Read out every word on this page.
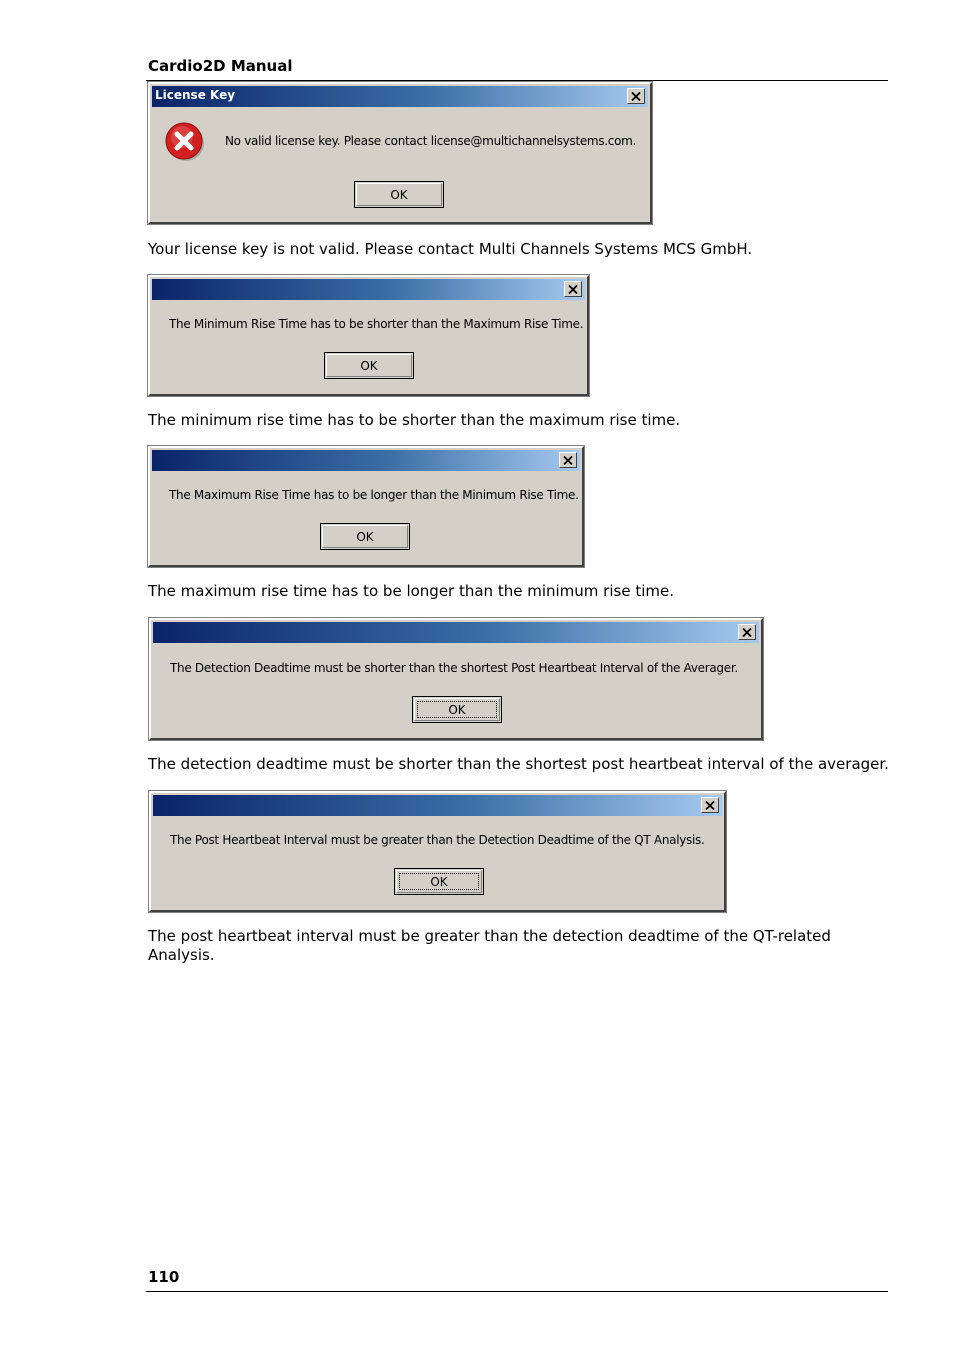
Cardio2D Manual
License Key
No valid license key. Please contact license@multichannelsystems.com.
OK
Your license key is not valid. Please contact Multi Channels Systems MCS GmbH.
The Minimum Rise Time has to be shorter than the Maximum Rise Time.
OK
The minimum rise time has to be shorter than the maximum rise time.
The Maximum Rise Time has to be longer than the Minimum Rise Time.
OK
The maximum rise time has to be longer than the minimum rise time.
The Detection Deadtime must be shorter than the shortest Post Heartbeat Interval of the Averager.
OK
The detection deadtime must be shorter than the shortest post heartbeat interval of the averager.
The Post Heartbeat Interval must be greater than the Detection Deadtime of the QT Analysis.
OK
The post heartbeat interval must be greater than the detection deadtime of the QT-related
Analysis.
110
